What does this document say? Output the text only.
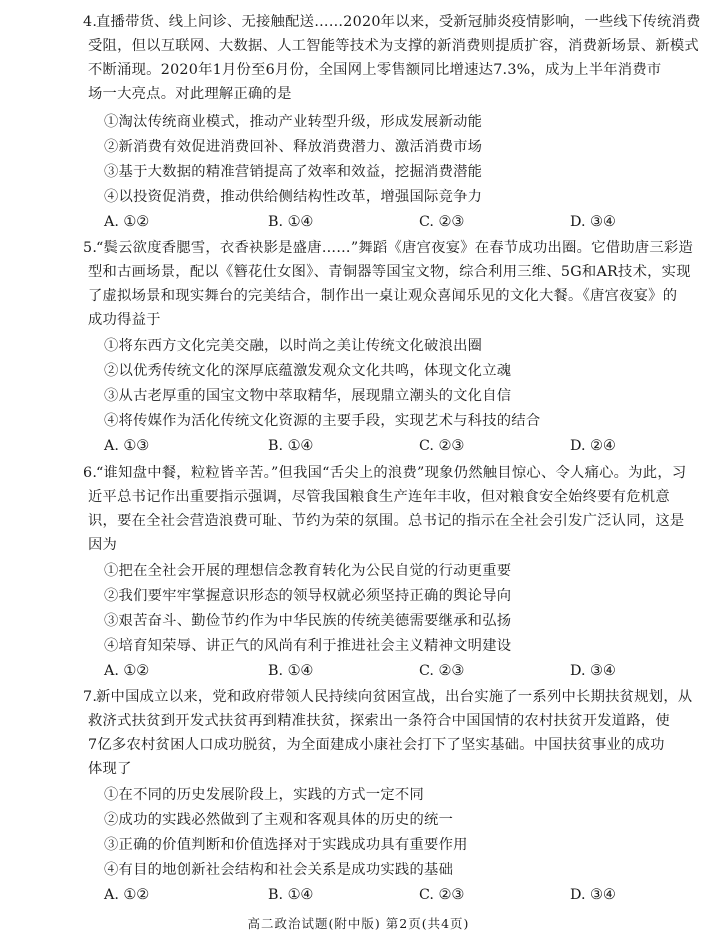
4.
直播带货、线上问诊、无接触配送……2020年以来，受新冠肺炎疫情影响，一些线下传统消费
受阻，但以互联网、大数据、人工智能等技术为支撑的新消费则提质扩容，消费新场景、新模式
不断涌现。2020年1月份至6月份，全国网上零售额同比增速达7.3%，成为上半年消费市
场一大亮点。对此理解正确的是
①淘汰传统商业模式，推动产业转型升级，形成发展新动能
②新消费有效促进消费回补、释放消费潜力、激活消费市场
③基于大数据的精准营销提高了效率和效益，挖掘消费潜能
④以投资促消费，推动供给侧结构性改革，增强国际竞争力
A. ①②	B. ①④	C. ②③	D. ③④
5.
“鬓云欲度香腮雪，衣香袂影是盛唐……”舞蹈《唐宫夜宴》在春节成功出圈。它借助唐三彩造
型和古画场景，配以《簪花仕女图》、青铜器等国宝文物，综合利用三维、5G和AR技术，实现
了虚拟场景和现实舞台的完美结合，制作出一桌让观众喜闻乐见的文化大餐。《唐宫夜宴》的
成功得益于
①将东西方文化完美交融，以时尚之美让传统文化破浪出圈
②以优秀传统文化的深厚底蕴激发观众文化共鸣，体现文化立魂
③从古老厚重的国宝文物中萃取精华，展现鼎立潮头的文化自信
④将传媒作为活化传统文化资源的主要手段，实现艺术与科技的结合
A. ①③	B. ①④	C. ②③	D. ②④
6.
“谁知盘中餐，粒粒皆辛苦。”但我国“舌尖上的浪费”现象仍然触目惊心、令人痛心。为此，习
近平总书记作出重要指示强调，尽管我国粮食生产连年丰收，但对粮食安全始终要有危机意
识，要在全社会营造浪费可耻、节约为荣的氛围。总书记的指示在全社会引发广泛认同，这是
因为
①把在全社会开展的理想信念教育转化为公民自觉的行动更重要
②我们要牢牢掌握意识形态的领导权就必须坚持正确的舆论导向
③艰苦奋斗、勤俭节约作为中华民族的传统美德需要继承和弘扬
④培育知荣辱、讲正气的风尚有利于推进社会主义精神文明建设
A. ①②	B. ①④	C. ②③	D. ③④
7.
新中国成立以来，党和政府带领人民持续向贫困宣战，出台实施了一系列中长期扶贫规划，从
救济式扶贫到开发式扶贫再到精准扶贫，探索出一条符合中国国情的农村扶贫开发道路，使
7亿多农村贫困人口成功脱贫，为全面建成小康社会打下了坚实基础。中国扶贫事业的成功
体现了
①在不同的历史发展阶段上，实践的方式一定不同
②成功的实践必然做到了主观和客观具体的历史的统一
③正确的价值判断和价值选择对于实践成功具有重要作用
④有目的地创新社会结构和社会关系是成功实践的基础
A. ①②	B. ①④	C. ②③	D. ③④
高二政治试题(附中版) 第2页(共4页)
